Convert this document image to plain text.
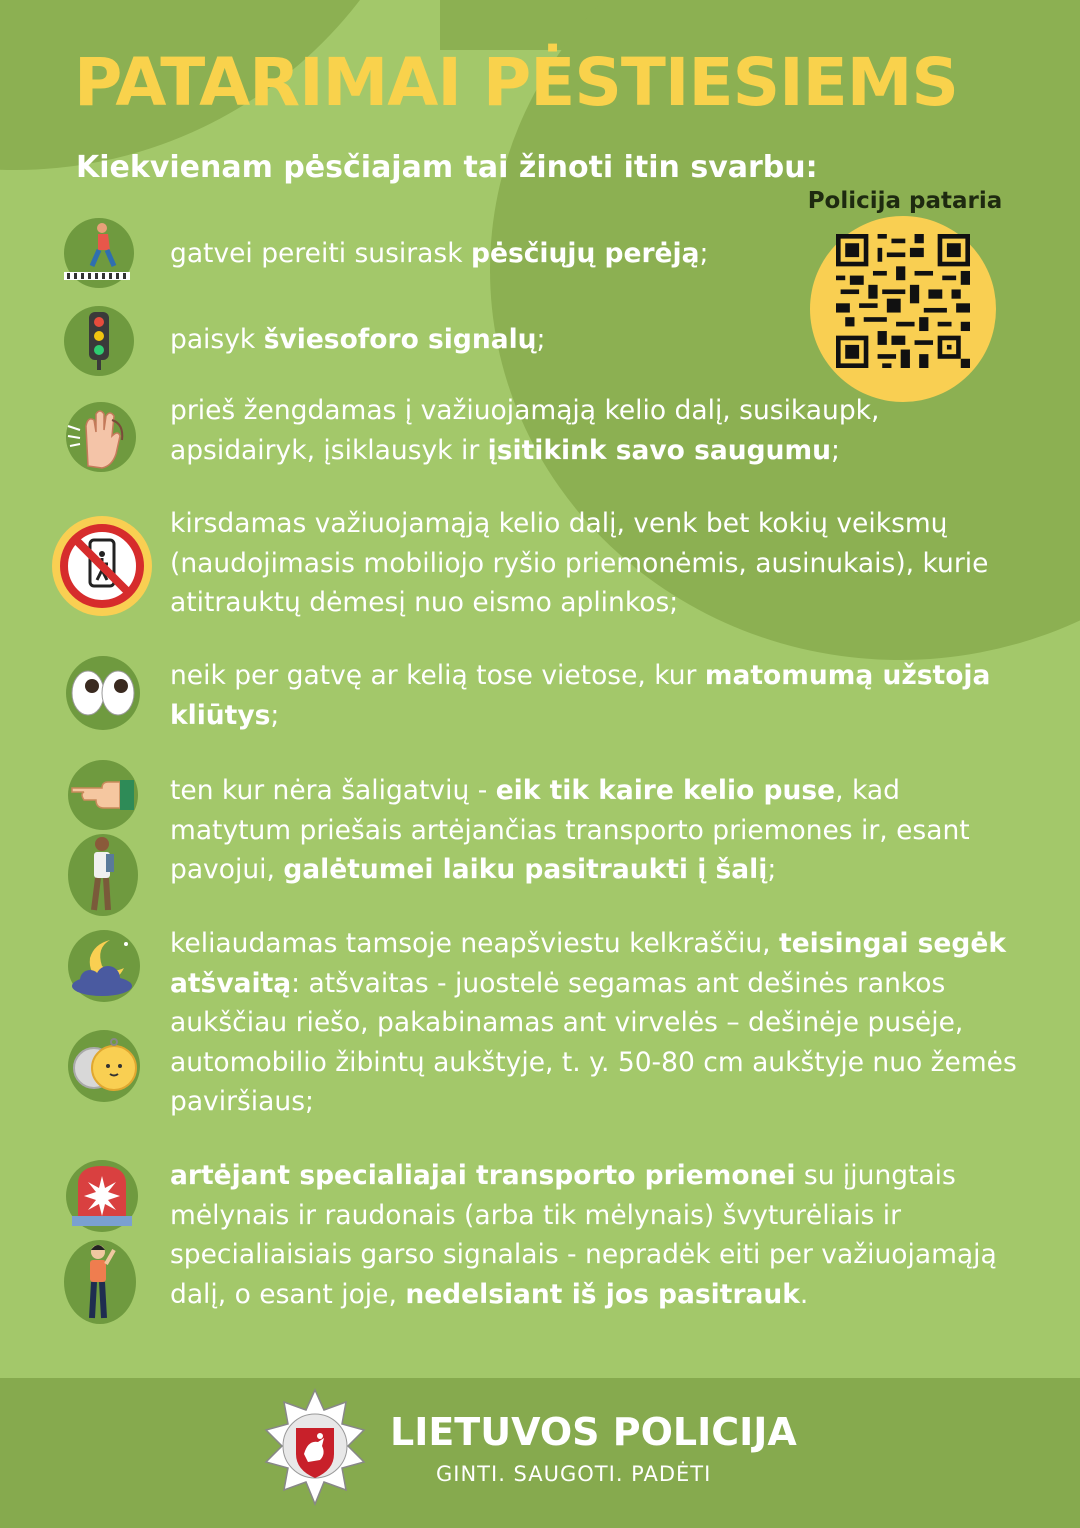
PATARIMAI PĖSTIESIEMS
Kiekvienam pėsčiajam tai žinoti itin svarbu:
Policija pataria

gatvei pereiti susirask pėsčiųjų perėją;

paisyk šviesoforo signalų;

prieš žengdamas į važiuojamąją kelio dalį, susikaupk, apsidairyk, įsiklausyk ir įsitikink savo saugumu;

kirsdamas važiuojamąją kelio dalį, venk bet kokių veiksmų (naudojimasis mobiliojo ryšio priemonėmis, ausinukais), kurie atitrauktų dėmesį nuo eismo aplinkos;

neik per gatvę ar kelią tose vietose, kur matomumą užstoja kliūtys;

ten kur nėra šaligatvių - eik tik kaire kelio puse, kad matytum priešais artėjančias transporto priemones ir, esant pavojui, galėtumei laiku pasitraukti į šalį;

keliaudamas tamsoje neapšviestu kelkraščiu, teisingai segėk atšvaitą: atšvaitas - juostelė segamas ant dešinės rankos aukščiau riešo, pakabinamas ant virvelės – dešinėje pusėje, automobilio žibintų aukštyje, t. y. 50-80 cm aukštyje nuo žemės paviršiaus;

artėjant specialiajai transporto priemonei su įjungtais mėlynais ir raudonais (arba tik mėlynais) švyturėliais ir specialiaisiais garso signalais - nepradėk eiti per važiuojamąją dalį, o esant joje, nedelsiant iš jos pasitrauk.

LIETUVOS POLICIJA

GINTI. SAUGOTI. PADĖTI
